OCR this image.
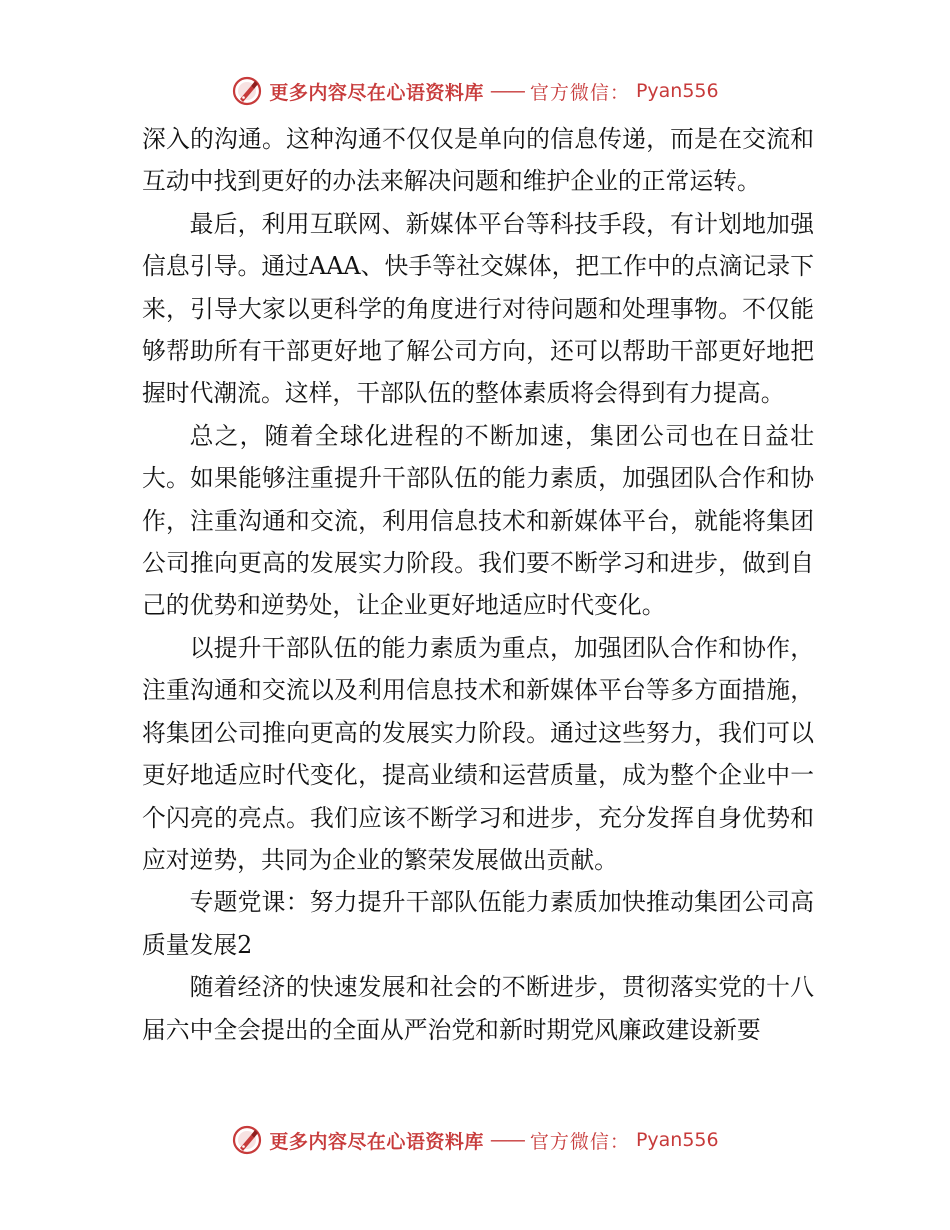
更多内容尽在心语资料库 —— 官方微信： Pyan556

深入的沟通。这种沟通不仅仅是单向的信息传递，而是在交流和互动中找到更好的办法来解决问题和维护企业的正常运转。

最后，利用互联网、新媒体平台等科技手段，有计划地加强信息引导。通过AAA、快手等社交媒体，把工作中的点滴记录下来，引导大家以更科学的角度进行对待问题和处理事物。不仅能够帮助所有干部更好地了解公司方向，还可以帮助干部更好地把握时代潮流。这样，干部队伍的整体素质将会得到有力提高。

总之，随着全球化进程的不断加速，集团公司也在日益壮大。如果能够注重提升干部队伍的能力素质，加强团队合作和协作，注重沟通和交流，利用信息技术和新媒体平台，就能将集团公司推向更高的发展实力阶段。我们要不断学习和进步，做到自己的优势和逆势处，让企业更好地适应时代变化。

以提升干部队伍的能力素质为重点，加强团队合作和协作，注重沟通和交流以及利用信息技术和新媒体平台等多方面措施，将集团公司推向更高的发展实力阶段。通过这些努力，我们可以更好地适应时代变化，提高业绩和运营质量，成为整个企业中一个闪亮的亮点。我们应该不断学习和进步，充分发挥自身优势和应对逆势，共同为企业的繁荣发展做出贡献。

专题党课：努力提升干部队伍能力素质加快推动集团公司高质量发展2

随着经济的快速发展和社会的不断进步，贯彻落实党的十八届六中全会提出的全面从严治党和新时期党风廉政建设新要

更多内容尽在心语资料库 —— 官方微信： Pyan556
